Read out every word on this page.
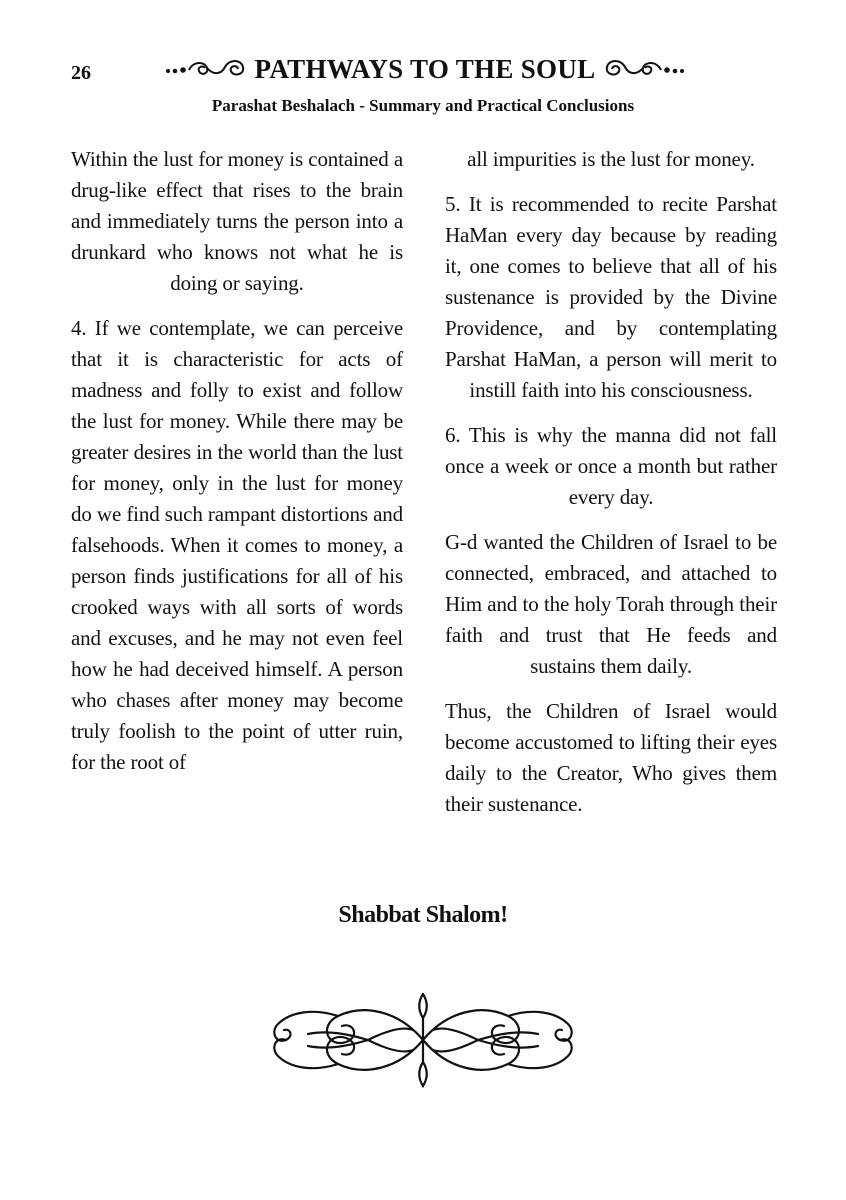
26	PATHWAYS TO THE SOUL
Parashat Beshalach - Summary and Practical Conclusions

Within the lust for money is contained a drug-like effect that rises to the brain and immediately turns the person into a drunkard who knows not what he is doing or saying.

4. If we contemplate, we can perceive that it is characteristic for acts of madness and folly to exist and follow the lust for money. While there may be greater desires in the world than the lust for money, only in the lust for money do we find such rampant distortions and falsehoods. When it comes to money, a person finds justifications for all of his crooked ways with all sorts of words and excuses, and he may not even feel how he had deceived himself. A person who chases after money may become truly foolish to the point of utter ruin, for the root of

all impurities is the lust for money.

5. It is recommended to recite Parshat HaMan every day because by reading it, one comes to believe that all of his sustenance is provided by the Divine Providence, and by contemplating Parshat HaMan, a person will merit to instill faith into his consciousness.

6. This is why the manna did not fall once a week or once a month but rather every day.

G-d wanted the Children of Israel to be connected, embraced, and attached to Him and to the holy Torah through their faith and trust that He feeds and sustains them daily.

Thus, the Children of Israel would become accustomed to lifting their eyes daily to the Creator, Who gives them their sustenance.

Shabbat Shalom!
